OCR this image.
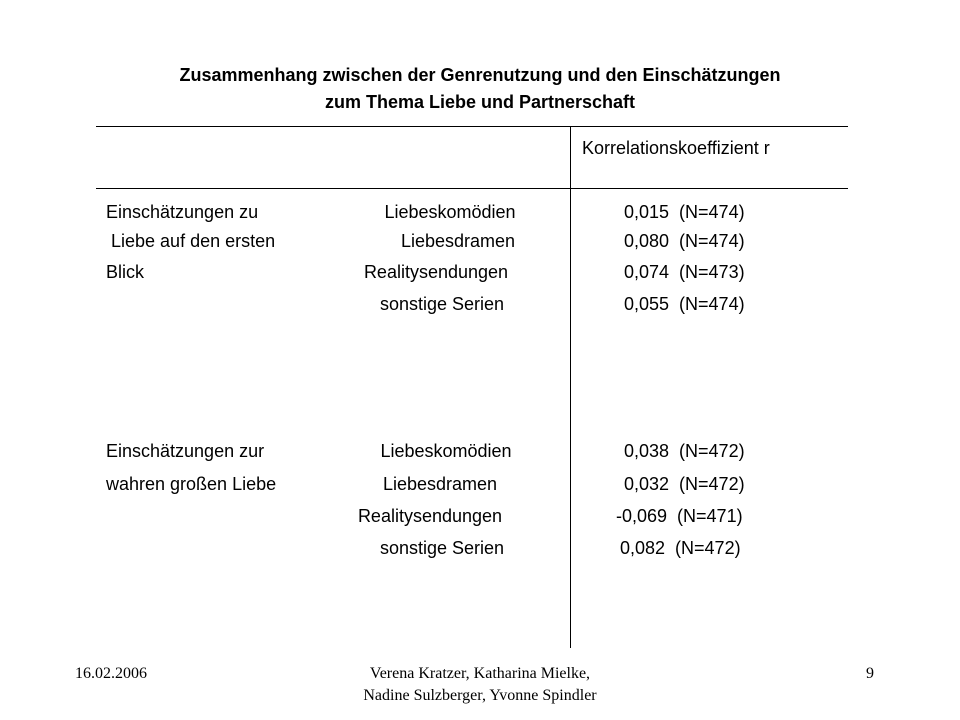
Zusammenhang zwischen der Genrenutzung und den Einschätzungen
zum Thema Liebe und Partnerschaft
Korrelationskoeffizient r
Einschätzungen zu
Liebe auf den ersten
Blick
Liebeskomödien
Liebesdramen
Realitysendungen
sonstige Serien
0,015  (N=474)
0,080  (N=474)
0,074  (N=473)
0,055  (N=474)
Einschätzungen zur
wahren großen Liebe
Liebeskomödien
Liebesdramen
Realitysendungen
sonstige Serien
0,038  (N=472)
0,032  (N=472)
-0,069  (N=471)
0,082  (N=472)
16.02.2006	Verena Kratzer, Katharina Mielke,
Nadine Sulzberger, Yvonne Spindler
9
